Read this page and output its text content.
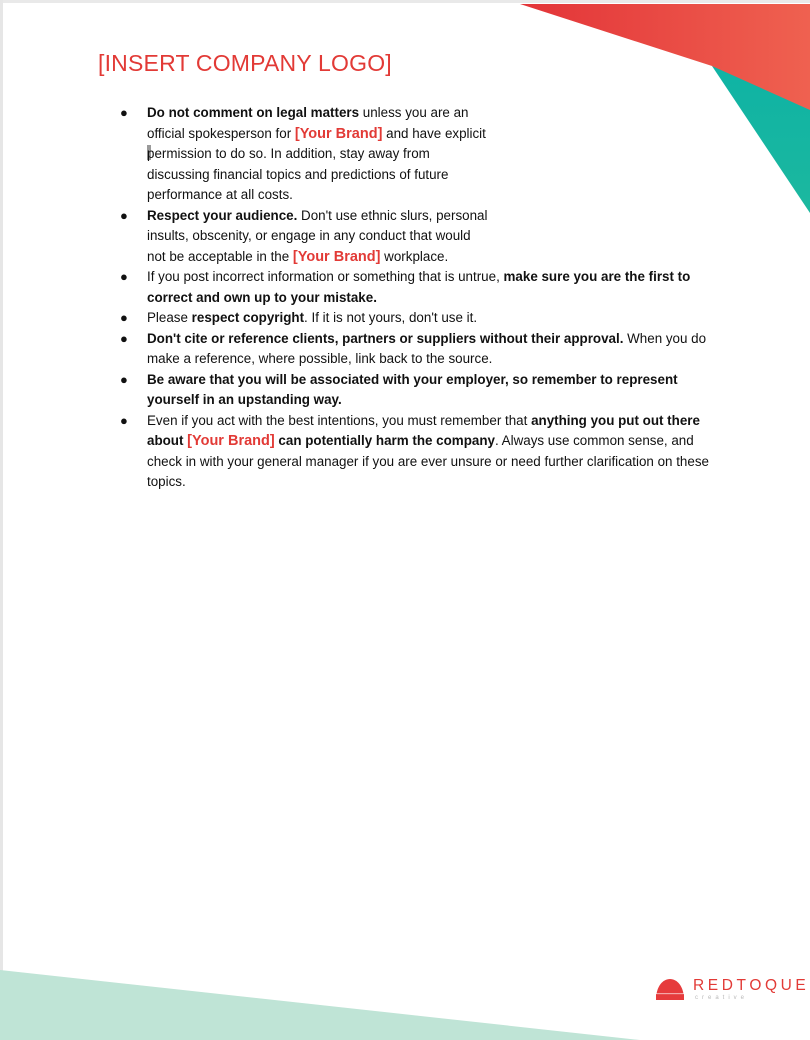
[INSERT COMPANY LOGO]
● Do not comment on legal matters unless you are an
official spokesperson for [Your Brand] and have explicit
permission to do so. In addition, stay away from
discussing financial topics and predictions of future
performance at all costs.
● Respect your audience. Don't use ethnic slurs, personal
insults, obscenity, or engage in any conduct that would
not be acceptable in the [Your Brand] workplace.
● If you post incorrect information or something that is untrue, make sure you are the first to correct and own up to your mistake.
● Please respect copyright. If it is not yours, don't use it.
● Don't cite or reference clients, partners or suppliers without their approval. When you do make a reference, where possible, link back to the source.
● Be aware that you will be associated with your employer, so remember to represent yourself in an upstanding way.
● Even if you act with the best intentions, you must remember that anything you put out there about [Your Brand] can potentially harm the company. Always use common sense, and check in with your general manager if you are ever unsure or need further clarification on these topics.
REDTOQUE
creative
